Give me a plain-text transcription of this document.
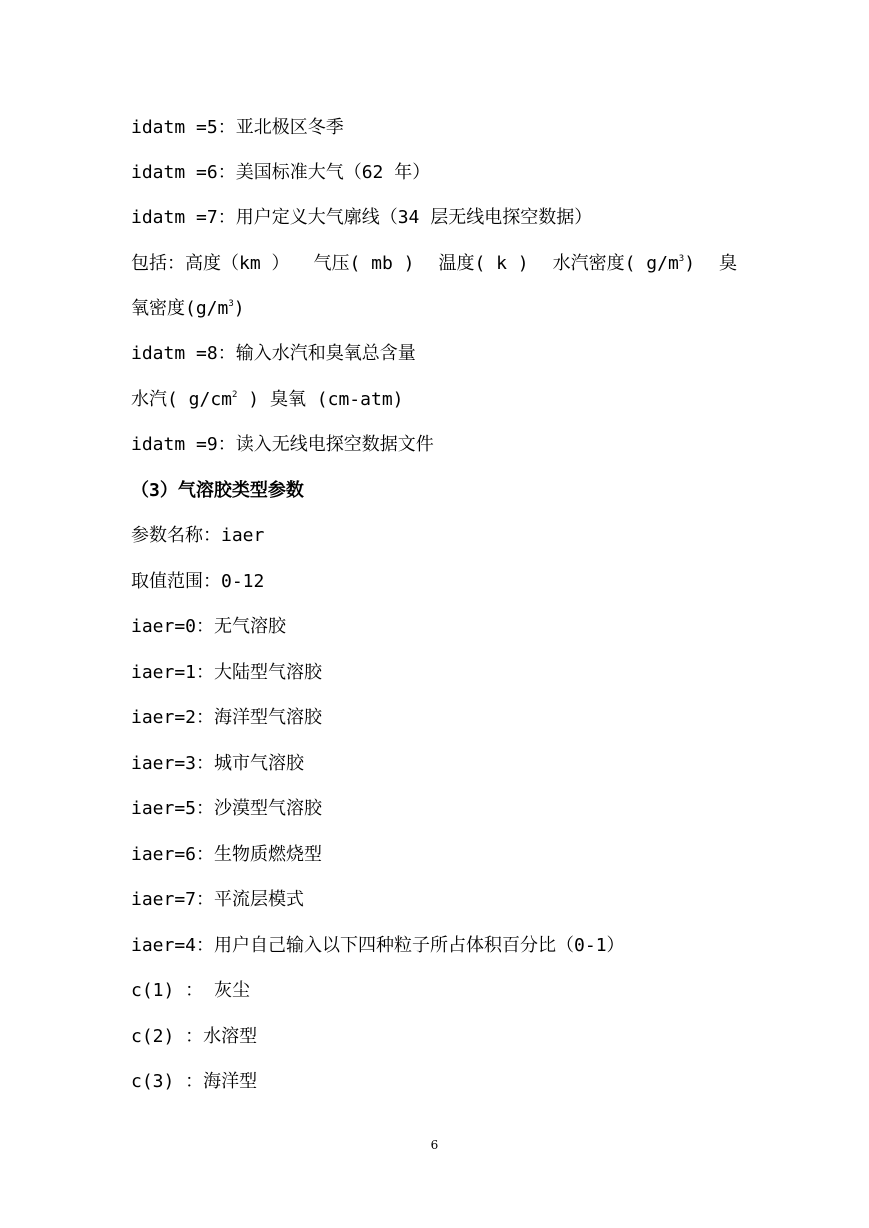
idatm =5：亚北极区冬季
idatm =6：美国标准大气（62 年）
idatm =7：用户定义大气廓线（34 层无线电探空数据）
包括：高度（km ） 气压( mb ) 温度( k ) 水汽密度( $g/m^3$) 臭
氧密度$(g/m^3)$
idatm =8：输入水汽和臭氧总含量
水汽( $g/cm^2$ ) 臭氧 (cm-atm)
idatm =9：读入无线电探空数据文件
（3）气溶胶类型参数
参数名称：iaer
取值范围：0-12
iaer=0：无气溶胶
iaer=1：大陆型气溶胶
iaer=2：海洋型气溶胶
iaer=3：城市气溶胶
iaer=5：沙漠型气溶胶
iaer=6：生物质燃烧型
iaer=7：平流层模式
iaer=4：用户自己输入以下四种粒子所占体积百分比（0-1）
c(1) ： 灰尘
c(2) ：水溶型
c(3) ：海洋型
6
